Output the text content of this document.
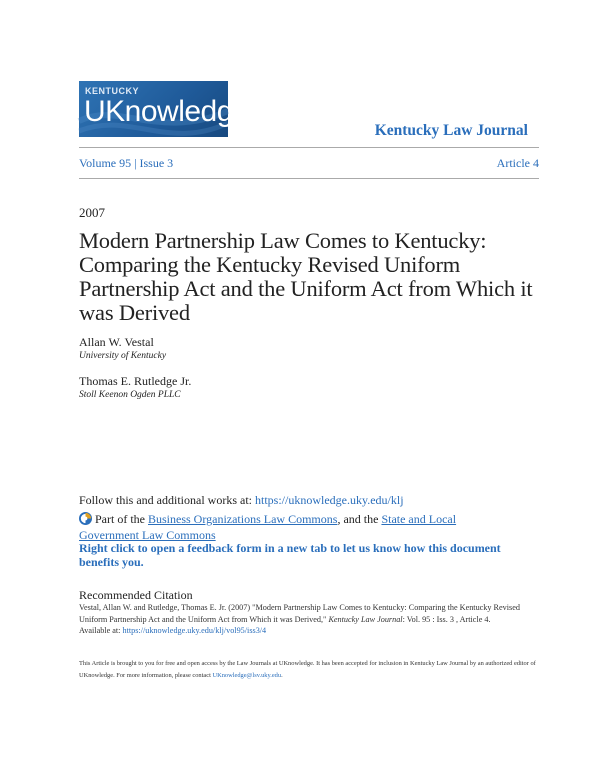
KENTUCKY
UKnowledge
Kentucky Law Journal
Volume 95 | Issue 3	Article 4
2007
Modern Partnership Law Comes to Kentucky: Comparing the Kentucky Revised Uniform Partnership Act and the Uniform Act from Which it was Derived
Allan W. Vestal
University of Kentucky
Thomas E. Rutledge Jr.
Stoll Keenon Ogden PLLC
Follow this and additional works at: https://uknowledge.uky.edu/klj
Part of the Business Organizations Law Commons, and the State and Local Government Law Commons
Right click to open a feedback form in a new tab to let us know how this document benefits you.
Recommended Citation
Vestal, Allan W. and Rutledge, Thomas E. Jr. (2007) "Modern Partnership Law Comes to Kentucky: Comparing the Kentucky Revised Uniform Partnership Act and the Uniform Act from Which it was Derived," Kentucky Law Journal: Vol. 95 : Iss. 3 , Article 4.
Available at: https://uknowledge.uky.edu/klj/vol95/iss3/4
This Article is brought to you for free and open access by the Law Journals at UKnowledge. It has been accepted for inclusion in Kentucky Law Journal by an authorized editor of UKnowledge. For more information, please contact UKnowledge@lsv.uky.edu.
